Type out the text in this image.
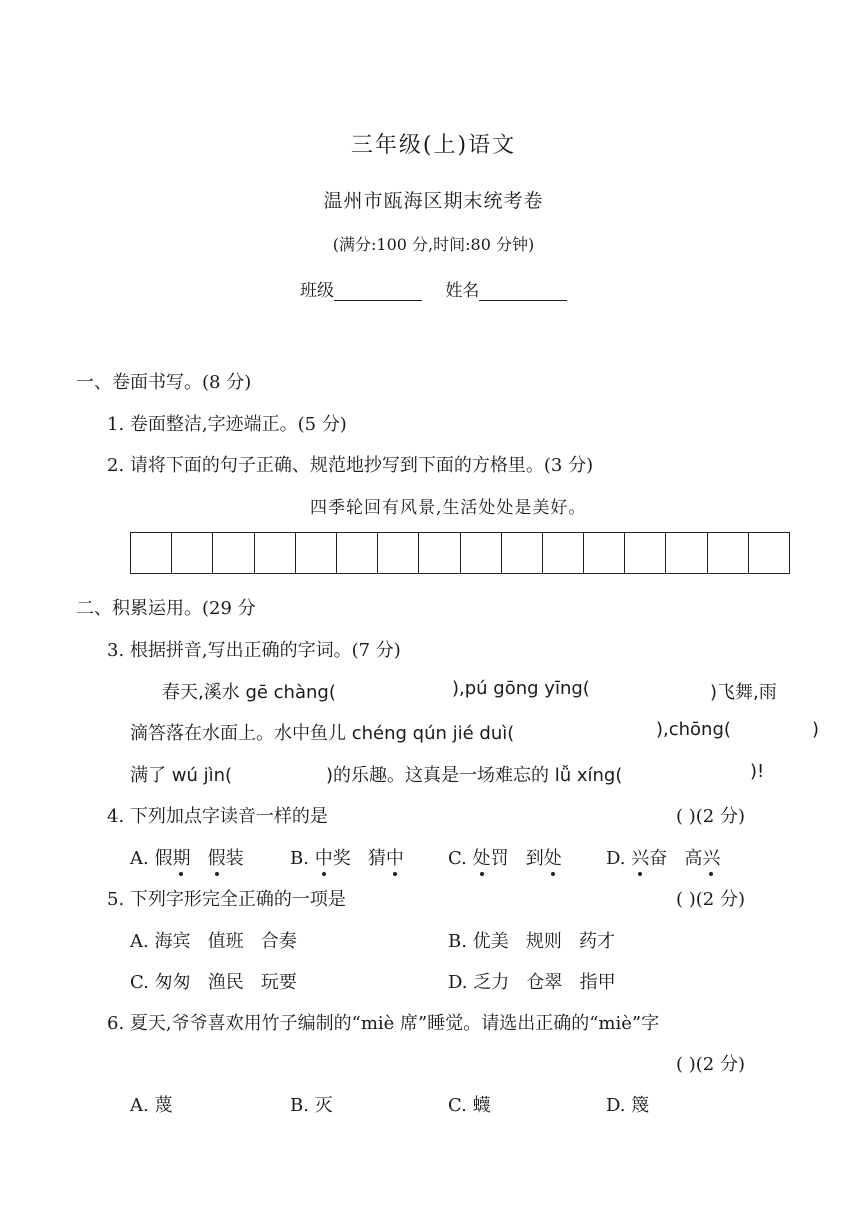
三年级(上)语文
温州市瓯海区期末统考卷
(满分:100 分,时间:80 分钟)
班级	姓名
一、卷面书写。(8 分)
1. 卷面整洁,字迹端正。(5 分)
2. 请将下面的句子正确、规范地抄写到下面的方格里。(3 分)
四季轮回有风景,生活处处是美好。
二、积累运用。(29 分
3. 根据拼音,写出正确的字词。(7 分)
春天,溪水 gē chàng(	),pú gōng yīng(	)飞舞,雨
滴答落在水面上。水中鱼儿 chéng qún jié duì(	),chōng(	)
满了 wú jìn(	)的乐趣。这真是一场难忘的 lǚ xíng(	)!
4. 下列加点字读音一样的是	( )(2 分)
A. 假期 假装	B. 中奖 猜中 C. 处罚 到处 D. 兴奋 高兴
5. 下列字形完全正确的一项是	( )(2 分)
A. 海宾   值班   合奏	B. 优美   规则   药才
C. 匆匆   渔民   玩要	D. 乏力   仓翠   指甲
6. 夏天,爷爷喜欢用竹子编制的“miè 席”睡觉。请选出正确的“miè”字
( )(2 分)
A. 蔑	B. 灭	C. 蠛	D. 篾
